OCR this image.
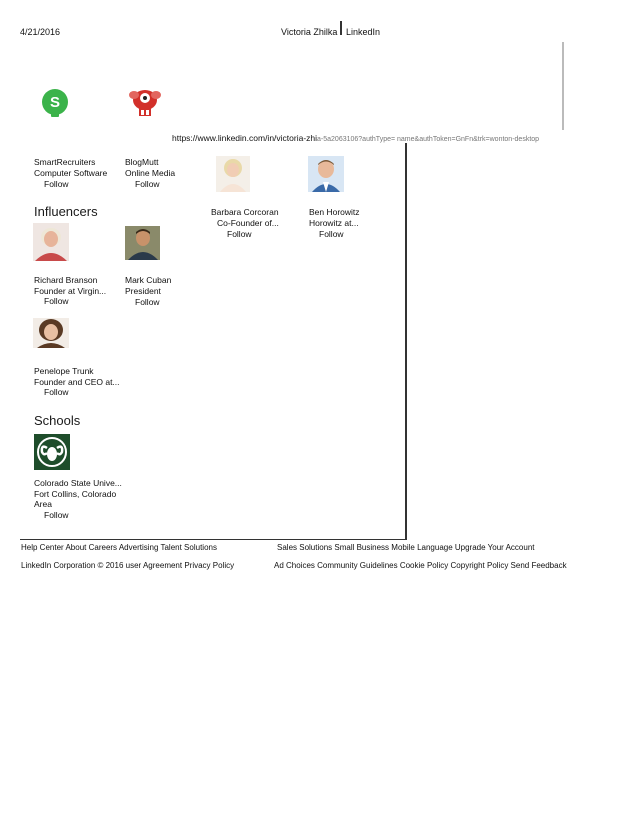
4/21/2016	Victoria Zhilka LinkedIn
S
https://www.linkedin.com/in/victoria-zhia-5a2063106?authType= name&authToken=GnFn&trk=wonton-desktop
SmartRecruiters
Computer Software
Follow
BlogMutt
Online Media
Follow
Influencers	Barbara Corcoran
Co-Founder of...
Follow
Ben Horowitz
Horowitz at...
Follow
Richard Branson
Founder at Virgin...
Follow
Mark Cuban
President
Follow
Penelope Trunk
Founder and CEO at...
Follow
Schools
Colorado State Unive...
Fort Collins, Colorado
Area
Follow
Help Center About Careers Advertising Talent Solutions	Sales Solutions Small Business Mobile Language Upgrade Your Account
LinkedIn Corporation © 2016 user Agreement Privacy Policy	Ad Choices Community Guidelines Cookie Policy Copyright Policy Send Feedback
